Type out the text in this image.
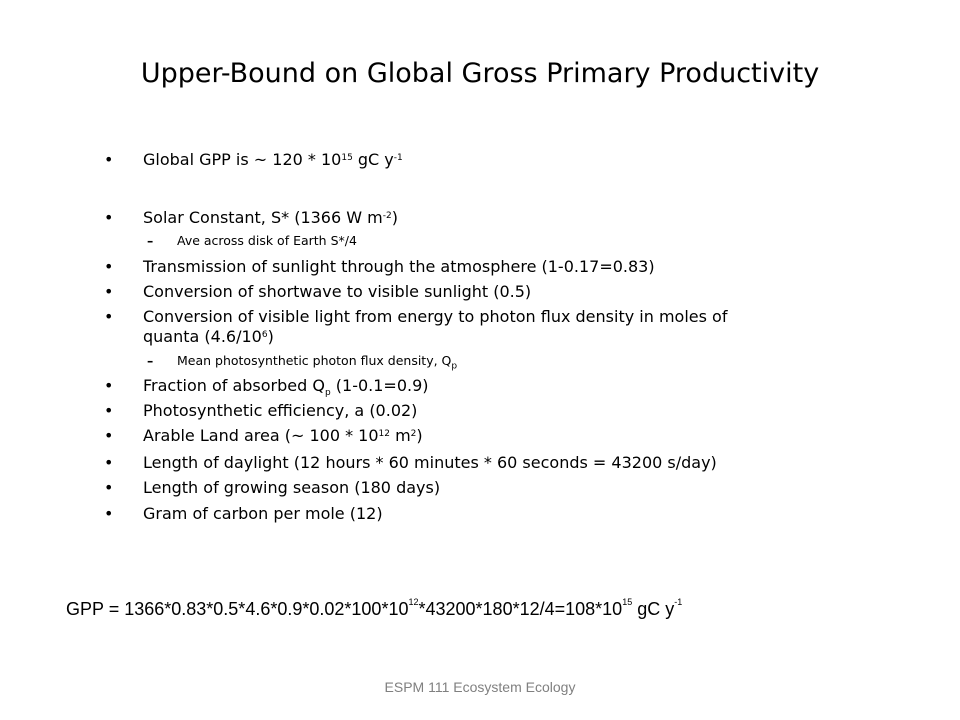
Upper-Bound on Global Gross Primary Productivity
• Global GPP is ~ $120 * 10^{15}$ gC $y^{-1}$
• Solar Constant, S* (1366 W $m^{-2}$)
– Ave across disk of Earth S*/4
• Transmission of sunlight through the atmosphere (1-0.17=0.83)
• Conversion of shortwave to visible sunlight (0.5)
• Conversion of visible light from energy to photon flux density in moles of quanta $(4.6/10^6)$
– Mean photosynthetic photon flux density, $Q_p$
• Fraction of absorbed $Q_p$ (1-0.1=0.9)
• Photosynthetic efficiency, a (0.02)
• Arable Land area (~ $100 * 10^{12}$ $m^2$)
• Length of daylight (12 hours * 60 minutes * 60 seconds = 43200 s/day)
• Length of growing season (180 days)
• Gram of carbon per mole (12)
GPP = $1366*0.83*0.5*4.6*0.9*0.02*100*10^{12}*43200*180*12/4=108*10^{15}$ gC $y^{-1}$
ESPM 111 Ecosystem Ecology
